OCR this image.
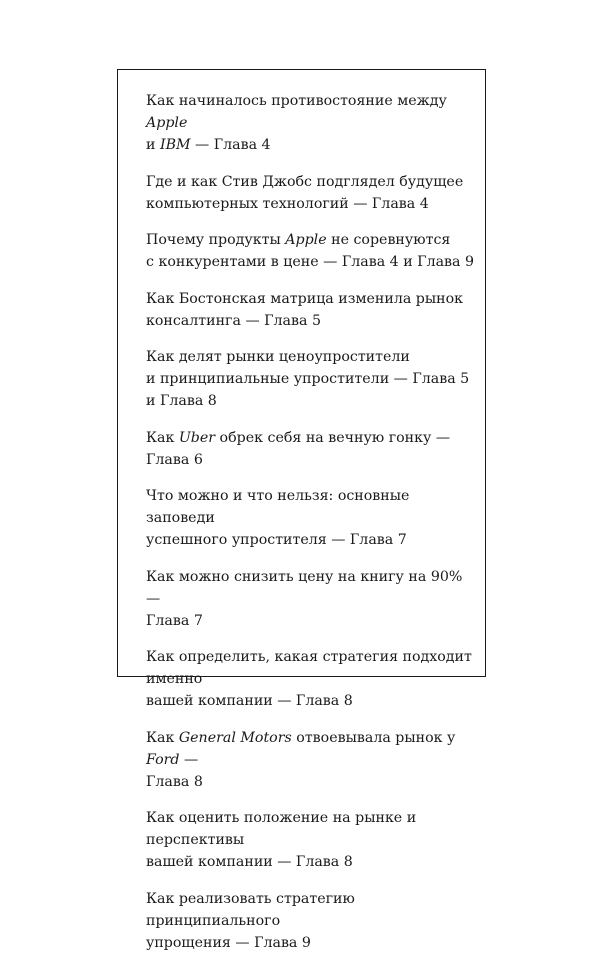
Как начиналось противостояние между Apple
и IBM — Глава 4
Где и как Стив Джобс подглядел будущее
компьютерных технологий — Глава 4
Почему продукты Apple не соревнуются
с конкурентами в цене — Глава 4 и Глава 9
Как Бостонская матрица изменила рынок
консалтинга — Глава 5
Как делят рынки ценоупростители
и принципиальные упростители — Глава 5
и Глава 8
Как Uber обрек себя на вечную гонку — Глава 6
Что можно и что нельзя: основные заповеди
успешного упростителя — Глава 7
Как можно снизить цену на книгу на 90% —
Глава 7
Как определить, какая стратегия подходит именно
вашей компании — Глава 8
Как General Motors отвоевывала рынок у Ford —
Глава 8
Как оценить положение на рынке и перспективы
вашей компании — Глава 8
Как реализовать стратегию принципиального
упрощения — Глава 9
